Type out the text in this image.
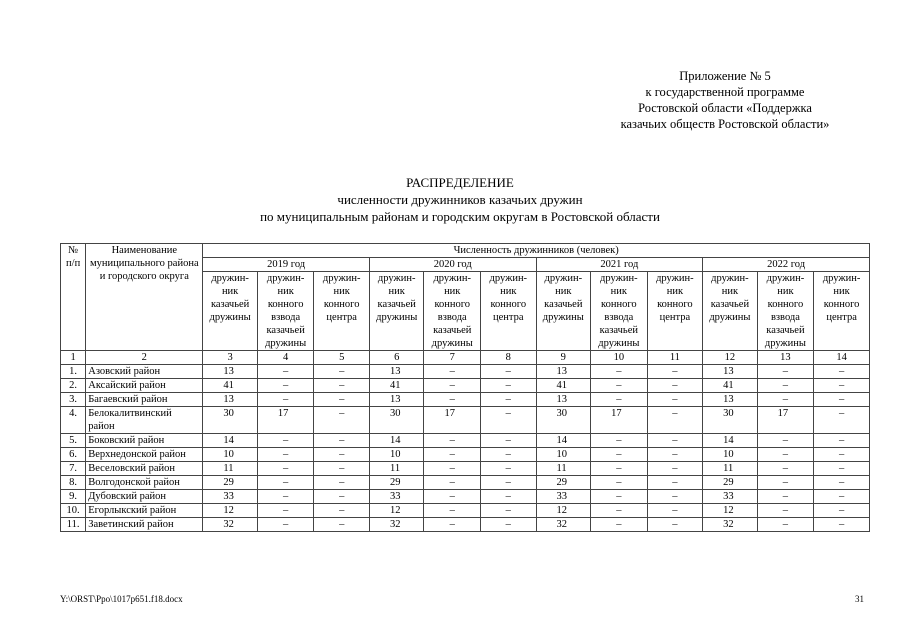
Приложение № 5
к государственной программе
Ростовской области «Поддержка
казачьих обществ Ростовской области»
РАСПРЕДЕЛЕНИЕ
численности дружинников казачьих дружин
по муниципальным районам и городским округам в Ростовской области
№ п/п	Наименование муниципального района и городского округа	Численность дружинников (человек)											
		2019 год			2020 год			2021 год			2022 год		
		дружин-ник казачьей дружины	дружин-ник конного взвода казачьей дружины	дружин-ник конного центра	дружин-ник казачьей дружины	дружин-ник конного взвода казачьей дружины	дружин-ник конного центра	дружин-ник казачьей дружины	дружин-ник конного взвода казачьей дружины	дружин-ник конного центра	дружин-ник казачьей дружины	дружин-ник конного взвода казачьей дружины	дружин-ник конного центра
1	2	3	4	5	6	7	8	9	10	11	12	13	14
1.	Азовский район	13	–	–	13	–	–	13	–	–	13	–	–
2.	Аксайский район	41	–	–	41	–	–	41	–	–	41	–	–
3.	Багаевский район	13	–	–	13	–	–	13	–	–	13	–	–
4.	Белокалитвинский район	30	17	–	30	17	–	30	17	–	30	17	–
5.	Боковский район	14	–	–	14	–	–	14	–	–	14	–	–
6.	Верхнедонской район	10	–	–	10	–	–	10	–	–	10	–	–
7.	Веселовский район	11	–	–	11	–	–	11	–	–	11	–	–
8.	Волгодонской район	29	–	–	29	–	–	29	–	–	29	–	–
9.	Дубовский район	33	–	–	33	–	–	33	–	–	33	–	–
10.	Егорлыкский район	12	–	–	12	–	–	12	–	–	12	–	–
11.	Заветинский район	32	–	–	32	–	–	32	–	–	32	–	–
Y:\ORST\Ppo\1017p651.f18.docx	31
